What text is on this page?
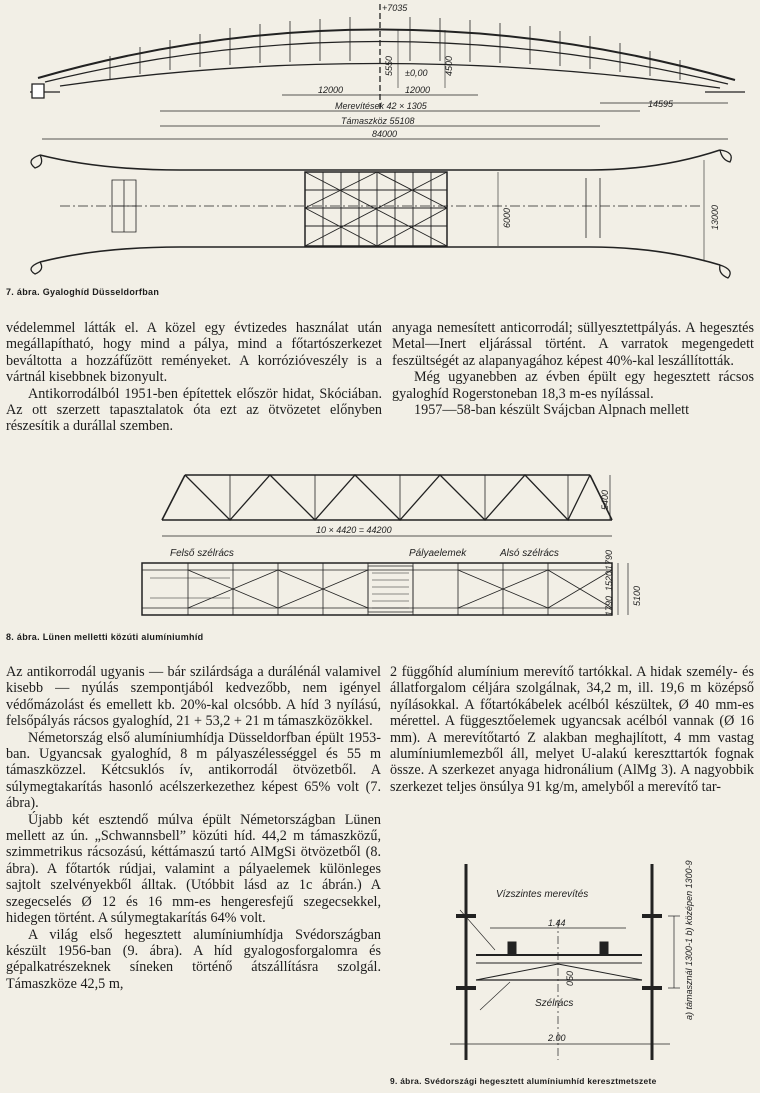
+7035
±0,00
5550	4500
12000	12000
Merevítések 42 × 1305
Támaszköz 55108
84000
14595
6000	13000
7. ábra. Gyaloghíd Düsseldorfban

védelemmel látták el. A közel egy évtizedes használat után megállapítható, hogy mind a pálya, mind a főtartószerkezet beváltotta a hozzáfűzött reményeket. A korrózióveszély is a vártnál kisebbnek bizonyult.

Antikorrodálból 1951-ben építettek először hidat, Skóciában. Az ott szerzett tapasztalatok óta ezt az ötvözetet előnyben részesítik a durállal szemben.

anyaga nemesített anticorrodál; süllyesztettpályás. A hegesztés Metal—Inert eljárással történt. A varratok megengedett feszültségét az alapanyagához képest 40%-kal leszállították.

Még ugyanebben az évben épült egy hegesztett rácsos gyaloghíd Rogerstoneban 18,3 m-es nyílással.

1957—58-ban készült Svájcban Alpnach mellett

5400
10 × 4420 = 44200
Felső szélrács	Pályaelemek	Alsó szélrács
1790
1520
1790
5100
8. ábra. Lünen melletti közúti alumíniumhíd

Az antikorrodál ugyanis — bár szilárdsága a durálénál valamivel kisebb — nyúlás szempontjából kedvezőbb, nem igényel védőmázolást és emellett kb. 20%-kal olcsóbb. A híd 3 nyílású, felsőpályás rácsos gyaloghíd, 21 + 53,2 + 21 m támaszközökkel.

Németország első alumíniumhídja Düsseldorfban épült 1953-ban. Ugyancsak gyaloghíd, 8 m pályaszélességgel és 55 m támaszközzel. Kétcsuklós ív, antikorrodál ötvözetből. A súlymegtakarítás hasonló acélszerkezethez képest 65% volt (7. ábra).

Újabb két esztendő múlva épült Németországban Lünen mellett az ún. „Schwannsbell” közúti híd. 44,2 m támaszközű, szimmetrikus rácsozású, kéttámaszú tartó AlMgSi ötvözetből (8. ábra). A főtartók rúdjai, valamint a pályaelemek különleges sajtolt szelvényekből álltak. (Utóbbit lásd az 1c ábrán.) A szegecselés Ø 12 és 16 mm-es hengeresfejű szegecsekkel, hidegen történt. A súlymegtakarítás 64% volt.

A világ első hegesztett alumíniumhídja Svédországban készült 1956-ban (9. ábra). A híd gyalogosforgalomra és gépalkatrészeknek síneken történő átszállításra szolgál. Támaszköze 42,5 m,

2 függőhíd alumínium merevítő tartókkal. A hidak személy- és állatforgalom céljára szolgálnak, 34,2 m, ill. 19,6 m középső nyílásokkal. A főtartókábelek acélból készültek, Ø 40 mm-es mérettel. A függesztőelemek ugyancsak acélból vannak (Ø 16 mm). A merevítőtartó Z alakban meghajlított, 4 mm vastag alumíniumlemezből áll, melyet U-alakú kereszttartók fognak össze. A szerkezet anyaga hidronálium (AlMg 3). A nagyobbik szerkezet teljes önsúlya 91 kg/m, amelyből a merevítő tar-

Vízszintes merevítés
1.44
050
Szélrács
2.00
a) támasznál 1300-1 b) középen 1300-9
9. ábra. Svédországi hegesztett alumíniumhíd keresztmetszete
